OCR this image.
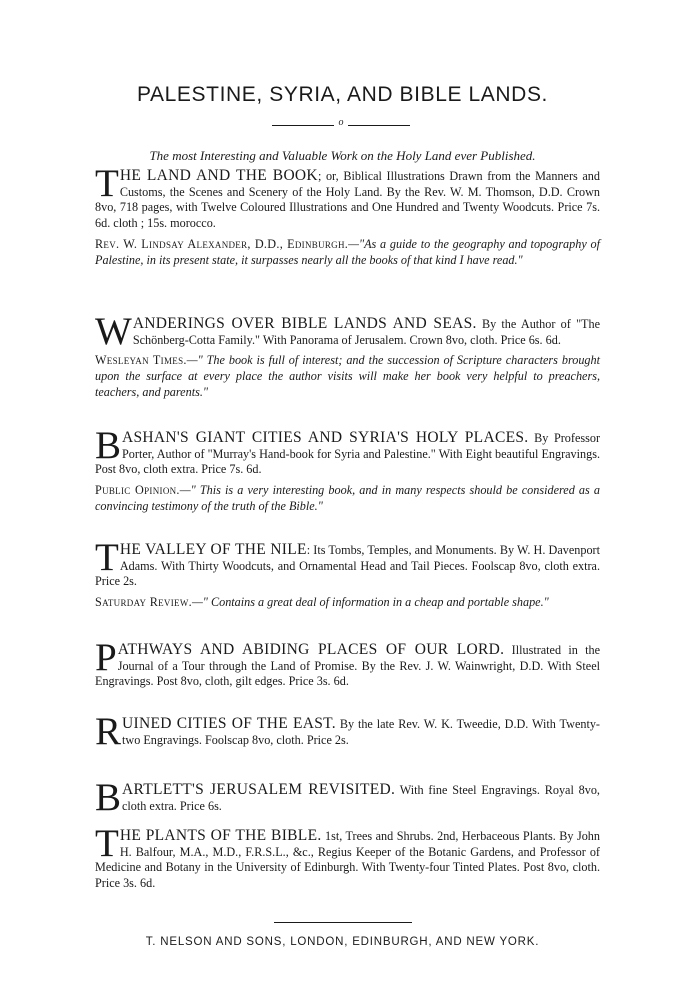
PALESTINE, SYRIA, AND BIBLE LANDS.
o
The most Interesting and Valuable Work on the Holy Land ever Published.
THE LAND AND THE BOOK; or, Biblical Illustrations Drawn from the Manners and Customs, the Scenes and Scenery of the Holy Land. By the Rev. W. M. Thomson, D.D. Crown 8vo, 718 pages, with Twelve Coloured Illustrations and One Hundred and Twenty Woodcuts. Price 7s. 6d. cloth ; 15s. morocco.
Rev. W. Lindsay Alexander, D.D., Edinburgh.—"As a guide to the geography and topography of Palestine, in its present state, it surpasses nearly all the books of that kind I have read."
WANDERINGS OVER BIBLE LANDS AND SEAS. By the Author of "The Schönberg-Cotta Family." With Panorama of Jerusalem. Crown 8vo, cloth. Price 6s. 6d.
Wesleyan Times.—" The book is full of interest; and the succession of Scripture characters brought upon the surface at every place the author visits will make her book very helpful to preachers, teachers, and parents."
BASHAN'S GIANT CITIES AND SYRIA'S HOLY PLACES. By Professor Porter, Author of "Murray's Hand-book for Syria and Palestine." With Eight beautiful Engravings. Post 8vo, cloth extra. Price 7s. 6d.
Public Opinion.—" This is a very interesting book, and in many respects should be considered as a convincing testimony of the truth of the Bible."
THE VALLEY OF THE NILE: Its Tombs, Temples, and Monuments. By W. H. Davenport Adams. With Thirty Woodcuts, and Ornamental Head and Tail Pieces. Foolscap 8vo, cloth extra. Price 2s.
Saturday Review.—" Contains a great deal of information in a cheap and portable shape."
PATHWAYS AND ABIDING PLACES OF OUR LORD. Illustrated in the Journal of a Tour through the Land of Promise. By the Rev. J. W. Wainwright, D.D. With Steel Engravings. Post 8vo, cloth, gilt edges. Price 3s. 6d.
RUINED CITIES OF THE EAST. By the late Rev. W. K. Tweedie, D.D. With Twenty-two Engravings. Foolscap 8vo, cloth. Price 2s.
BARTLETT'S JERUSALEM REVISITED. With fine Steel Engravings. Royal 8vo, cloth extra. Price 6s.
THE PLANTS OF THE BIBLE. 1st, Trees and Shrubs. 2nd, Herbaceous Plants. By John H. Balfour, M.A., M.D., F.R.S.L., &c., Regius Keeper of the Botanic Gardens, and Professor of Medicine and Botany in the University of Edinburgh. With Twenty-four Tinted Plates. Post 8vo, cloth. Price 3s. 6d.
T. NELSON AND SONS, LONDON, EDINBURGH, AND NEW YORK.
